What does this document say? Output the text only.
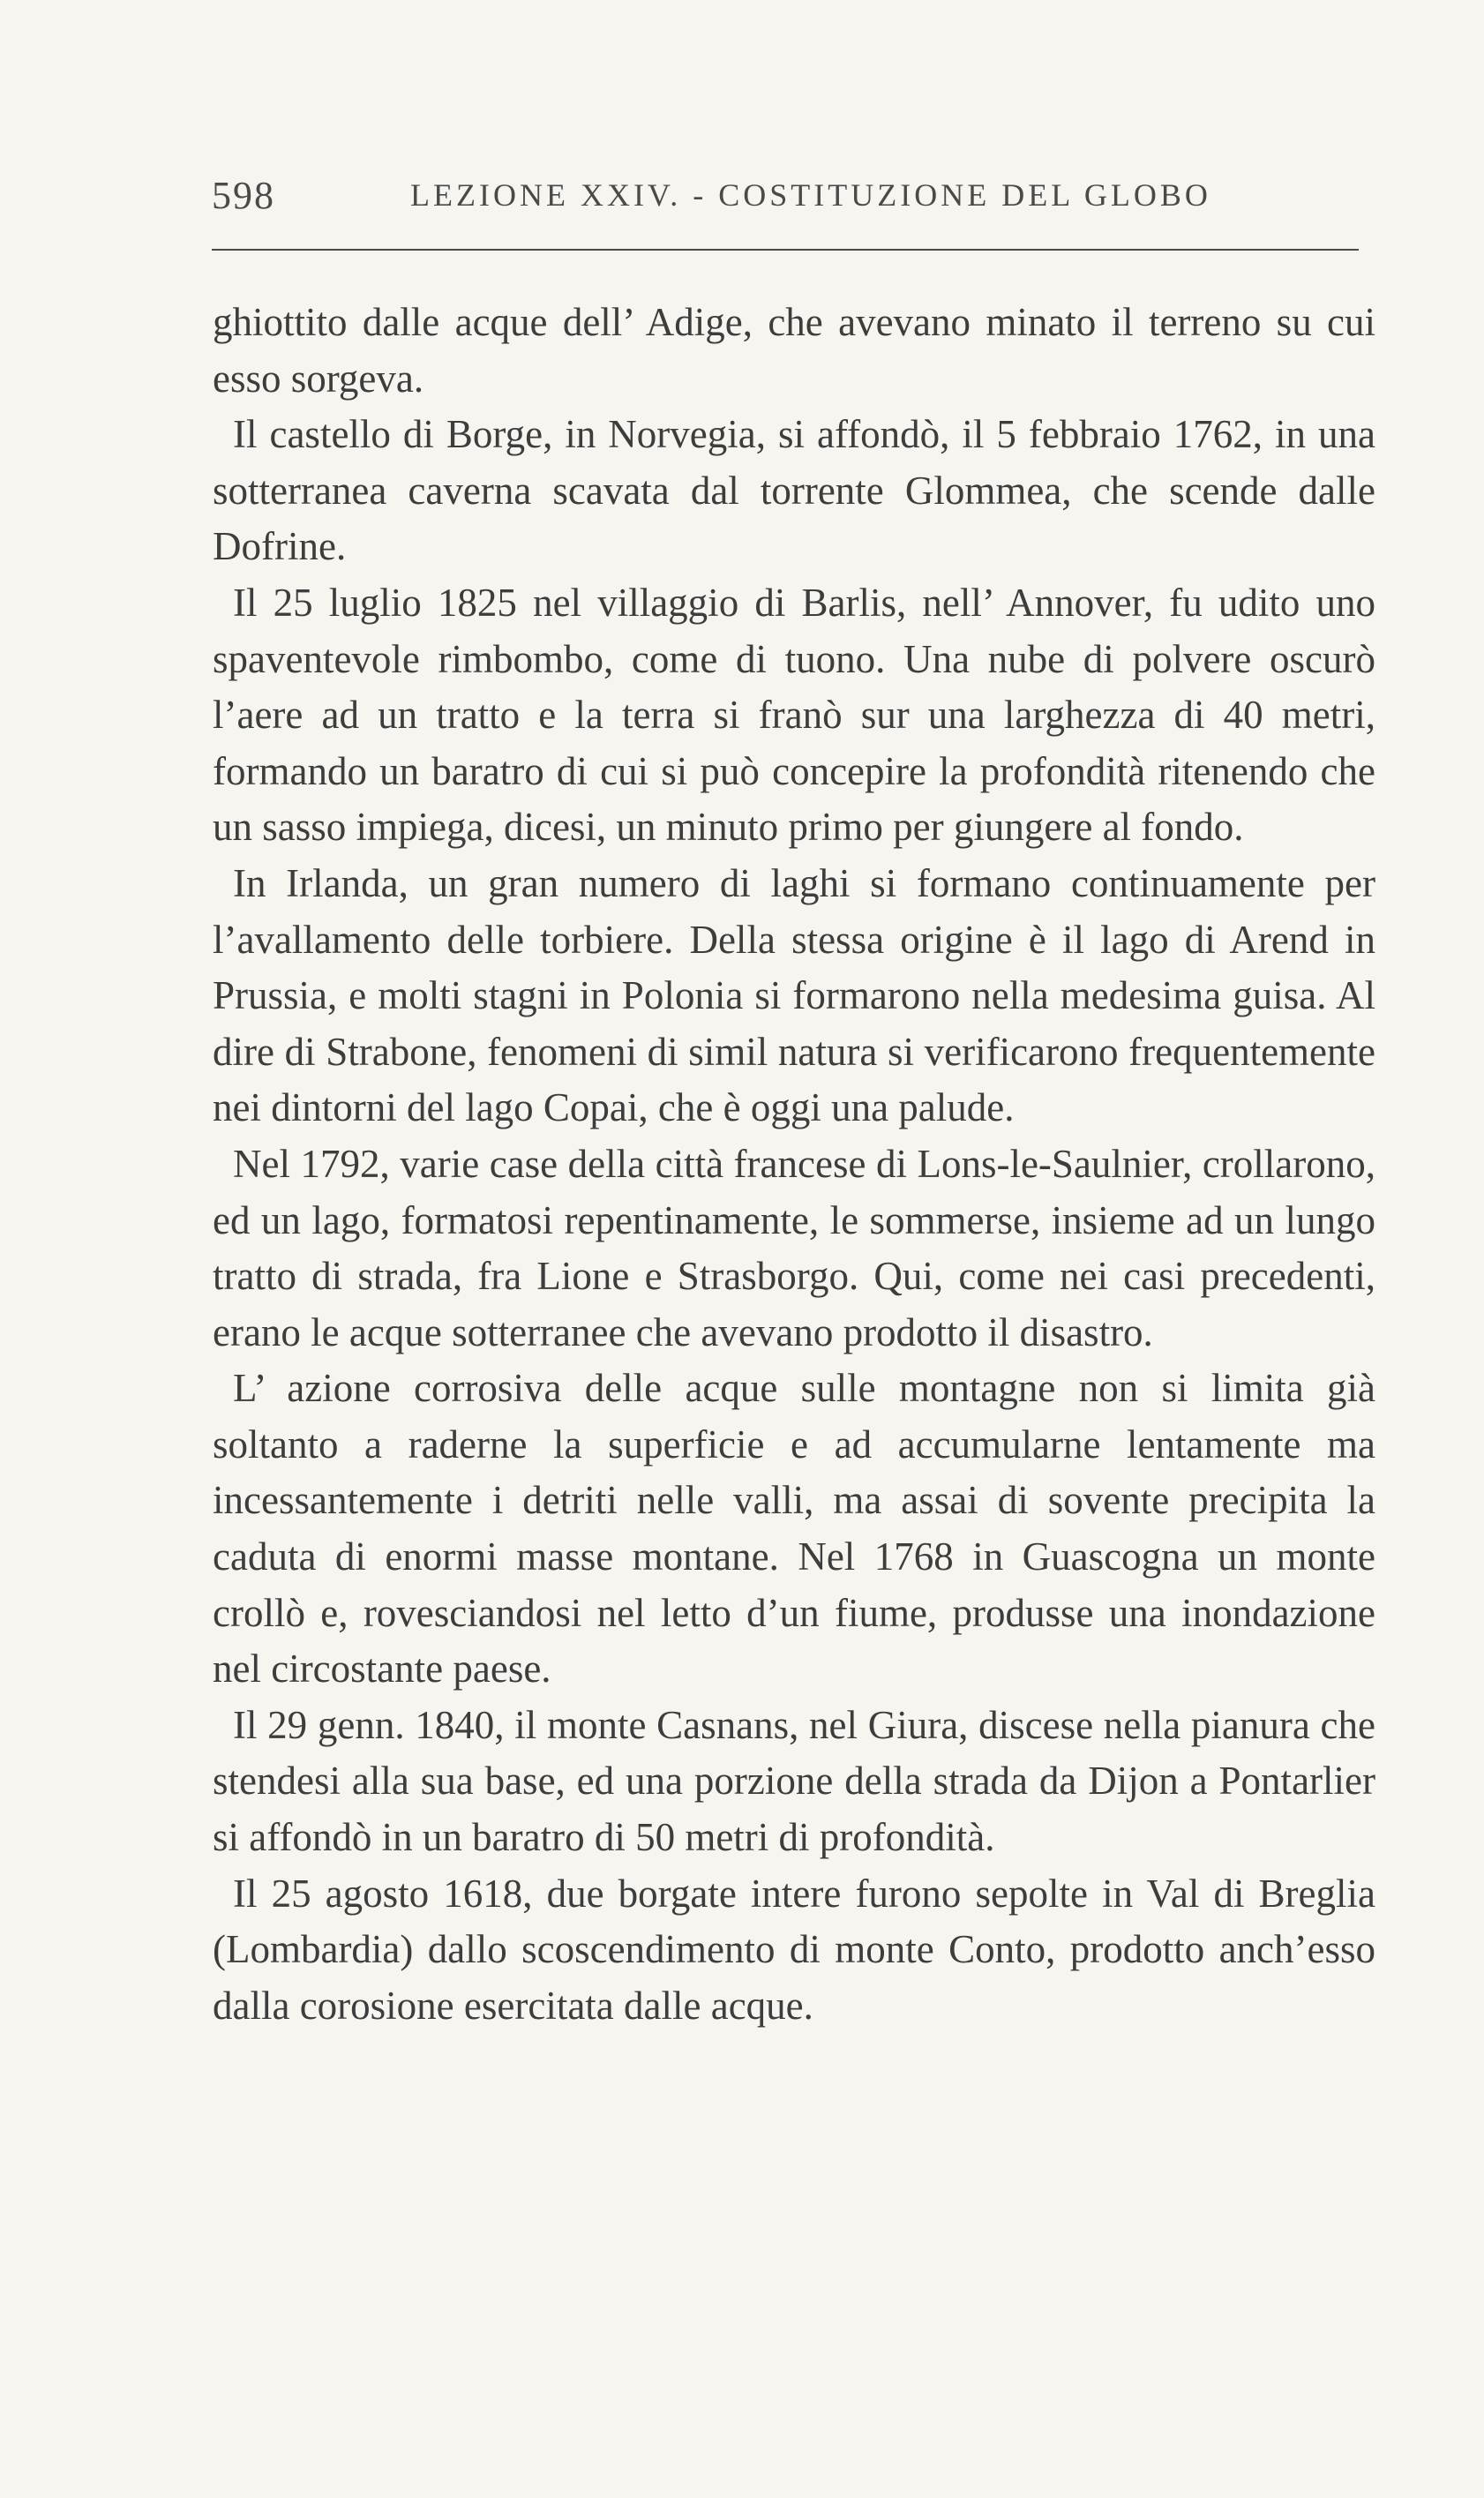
598	LEZIONE XXIV. - COSTITUZIONE DEL GLOBO

ghiottito dalle acque dell’ Adige, che avevano minato il terreno su cui esso sorgeva.

Il castello di Borge, in Norvegia, si affondò, il 5 febbraio 1762, in una sotterranea caverna scavata dal torrente Glommea, che scende dalle Dofrine.

Il 25 luglio 1825 nel villaggio di Barlis, nell’ Annover, fu udito uno spaventevole rimbombo, come di tuono. Una nube di polvere oscurò l’aere ad un tratto e la terra si franò sur una larghezza di 40 metri, formando un baratro di cui si può concepire la profondità ritenendo che un sasso impiega, dicesi, un minuto primo per giungere al fondo.

In Irlanda, un gran numero di laghi si formano continuamente per l’avallamento delle torbiere. Della stessa origine è il lago di Arend in Prussia, e molti stagni in Polonia si formarono nella medesima guisa. Al dire di Strabone, fenomeni di simil natura si verificarono frequentemente nei dintorni del lago Copai, che è oggi una palude.

Nel 1792, varie case della città francese di Lons-le-Saulnier, crollarono, ed un lago, formatosi repentinamente, le sommerse, insieme ad un lungo tratto di strada, fra Lione e Strasborgo. Qui, come nei casi precedenti, erano le acque sotterranee che avevano prodotto il disastro.

L’ azione corrosiva delle acque sulle montagne non si limita già soltanto a raderne la superficie e ad accumularne lentamente ma incessantemente i detriti nelle valli, ma assai di sovente precipita la caduta di enormi masse montane. Nel 1768 in Guascogna un monte crollò e, rovesciandosi nel letto d’un fiume, produsse una inondazione nel circostante paese.

Il 29 genn. 1840, il monte Casnans, nel Giura, discese nella pianura che stendesi alla sua base, ed una porzione della strada da Dijon a Pontarlier si affondò in un baratro di 50 metri di profondità.

Il 25 agosto 1618, due borgate intere furono sepolte in Val di Breglia (Lombardia) dallo scoscendimento di monte Conto, prodotto anch’esso dalla corosione esercitata dalle acque.
